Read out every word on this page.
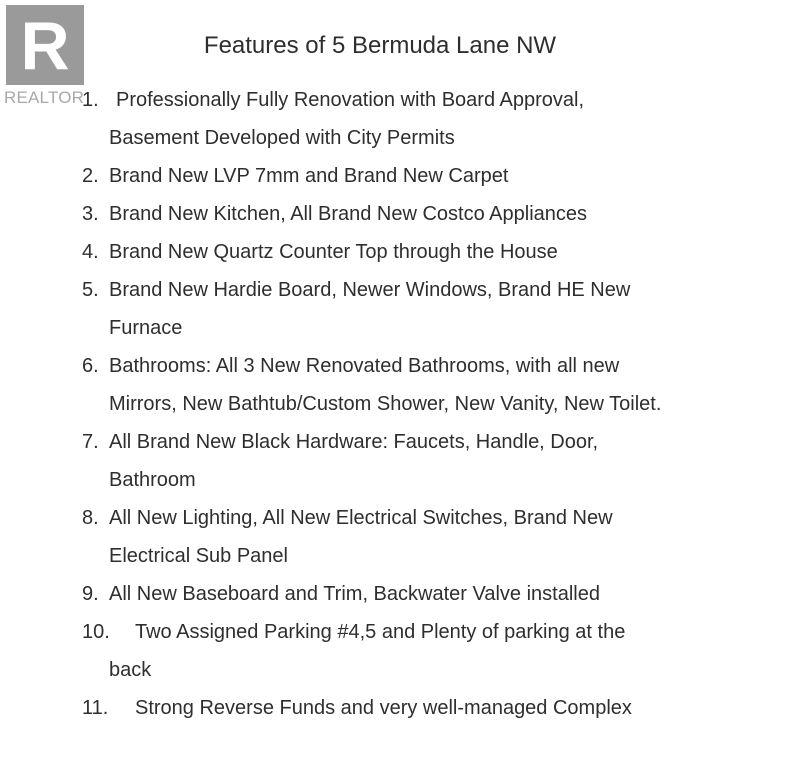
R
REALTOR
Features of 5 Bermuda Lane NW
1. Professionally Fully Renovation with Board Approval,
Basement Developed with City Permits
2. Brand New LVP 7mm and Brand New Carpet
3. Brand New Kitchen, All Brand New Costco Appliances
4. Brand New Quartz Counter Top through the House
5. Brand New Hardie Board, Newer Windows, Brand HE New
Furnace
6. Bathrooms: All 3 New Renovated Bathrooms, with all new
Mirrors, New Bathtub/Custom Shower, New Vanity, New Toilet.
7. All Brand New Black Hardware: Faucets, Handle, Door,
Bathroom
8. All New Lighting, All New Electrical Switches, Brand New
Electrical Sub Panel
9. All New Baseboard and Trim, Backwater Valve installed
10. Two Assigned Parking #4,5 and Plenty of parking at the
back
11. Strong Reverse Funds and very well-managed Complex
